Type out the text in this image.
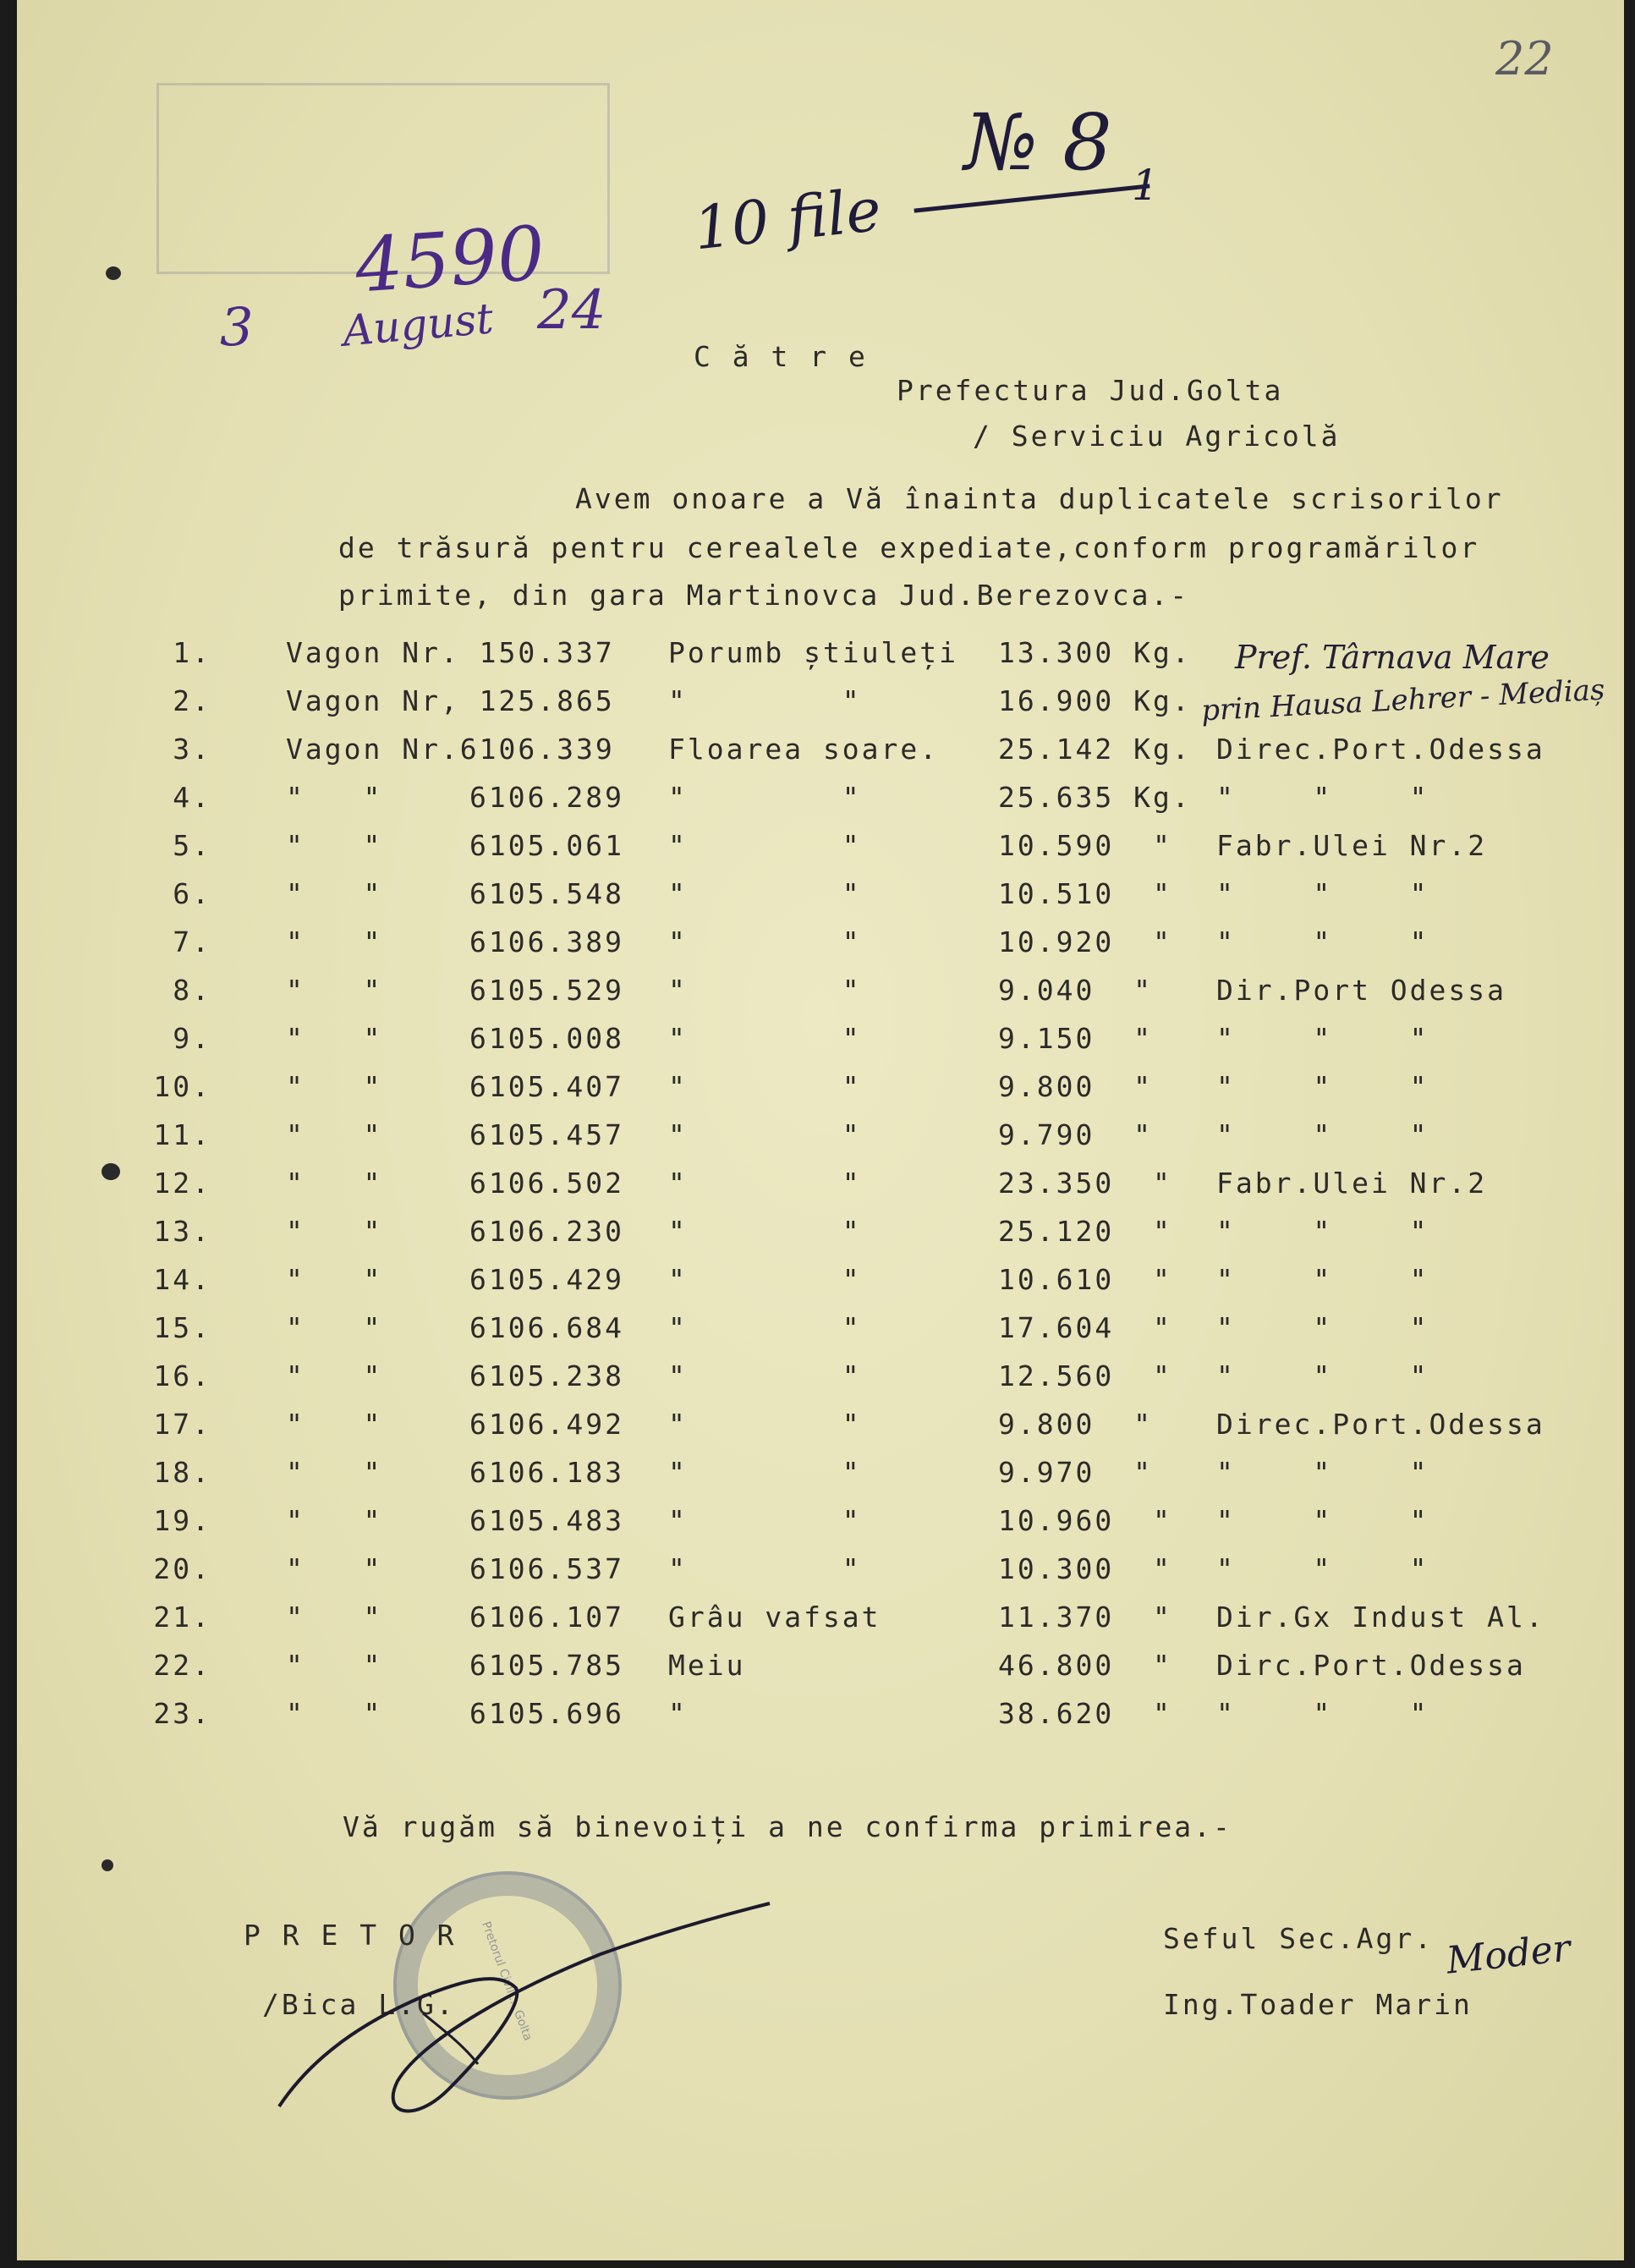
22
№ 8
10 file	1
4590
3 August 24
C ă t r e
Prefectura Jud.Golta
/ Serviciu Agricolă
Avem onoare a Vă înainta duplicatele scrisorilor
de trăsură pentru cerealele expediate,conform programărilor
primite, din gara Martinovca Jud.Berezovca.-
1.	Vagon Nr. 150.337	Porumb știuleți 13.300 Kg.
2.	Vagon Nr, 125.865	"        "	16.900 Kg.
3.	Vagon Nr.6106.339	Floarea soare. 25.142 Kg. Direc.Port.Odessa
4.	"   "	6106.289	"        "	25.635 Kg. "    "    "
5.	"   "	6105.061	"        "	10.590  "	Fabr.Ulei Nr.2
6.	"   "	6105.548	"        "	10.510  "	"    "    "
7.	"   "	6106.389	"        "	10.920  "	"    "    "
8.	"   "	6105.529	"        "	9.040  "	Dir.Port Odessa
9.	"   "	6105.008	"        "	9.150  "	"    "    "
10.	"   "	6105.407	"        "	9.800  "	"    "    "
11.	"   "	6105.457	"        "	9.790  "	"    "    "
12.	"   "	6106.502	"        "	23.350  "	Fabr.Ulei Nr.2
13.	"   "	6106.230	"        "	25.120  "	"    "    "
14.	"   "	6105.429	"        "	10.610  "	"    "    "
15.	"   "	6106.684	"        "	17.604  "	"    "    "
16.	"   "	6105.238	"        "	12.560  "	"    "    "
17.	"   "	6106.492	"        "	9.800  "	Direc.Port.Odessa
18.	"   "	6106.183	"        "	9.970  "	"    "    "
19.	"   "	6105.483	"        "	10.960  "	"    "    "
20.	"   "	6106.537	"        "	10.300  "	"    "    "
21.	"   "	6106.107	Grâu vafsat	11.370  "	Dir.Gx Indust Al.
22.	"   "	6105.785	Meiu	46.800  "	Dirc.Port.Odessa
23.	"   "	6105.696	"	38.620  "	"    "    "
Pref. Târnava Mare
prin Hausa Lehrer - Mediaș
Vă rugăm să binevoiți a ne confirma primirea.-
Pretorul Civil ... Golta
P R E T O R
/Bica L.G.
Seful Sec.Agr.
Ing.Toader Marin
Moder
